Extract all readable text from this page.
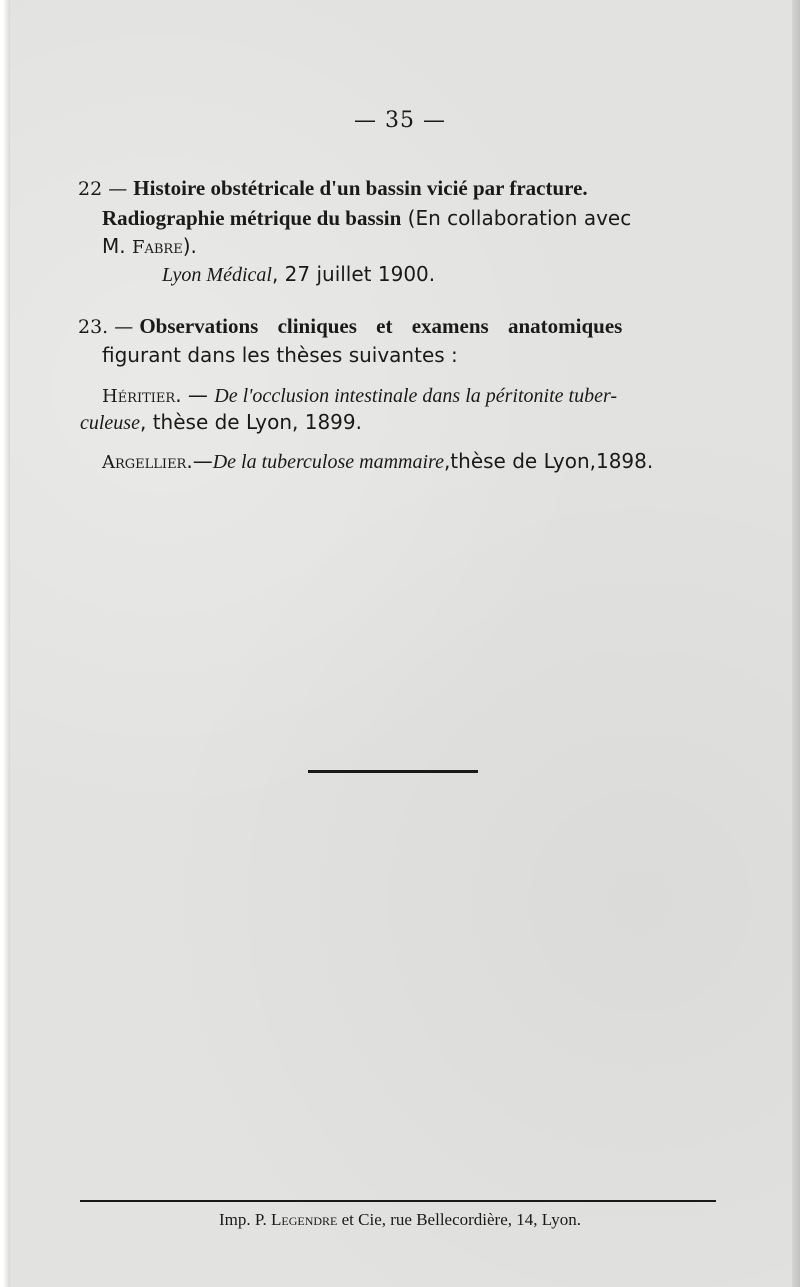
— 35 —
22 — Histoire obstétricale d'un bassin vicié par fracture.
Radiographie métrique du bassin (En collaboration avec
M. Fabre).
Lyon Médical, 27 juillet 1900.
23. — Observations cliniques et examens anatomiques
figurant dans les thèses suivantes :
Héritier. — De l'occlusion intestinale dans la péritonite tuber-
culeuse, thèse de Lyon, 1899.
Argellier.—De la tuberculose mammaire,thèse de Lyon,1898.
Imp. P. Legendre et Cie, rue Bellecordière, 14, Lyon.
